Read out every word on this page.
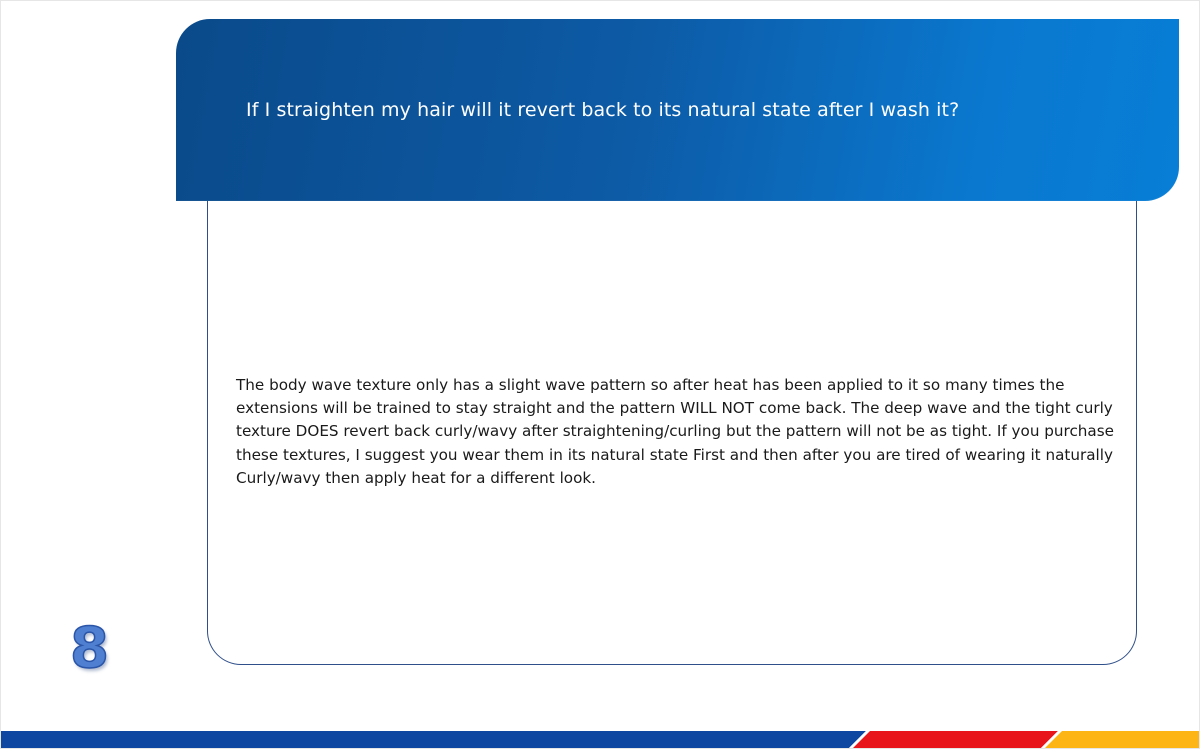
If I straighten my hair will it revert back to its natural state after I wash it?

The body wave texture only has a slight wave pattern so after heat has been applied to it so many times the extensions will be trained to stay straight and the pattern WILL NOT come back. The deep wave and the tight curly texture DOES revert back curly/wavy after straightening/curling but the pattern will not be as tight. If you purchase these textures, I suggest you wear them in its natural state First and then after you are tired of wearing it naturally Curly/wavy then apply heat for a different look.

8
